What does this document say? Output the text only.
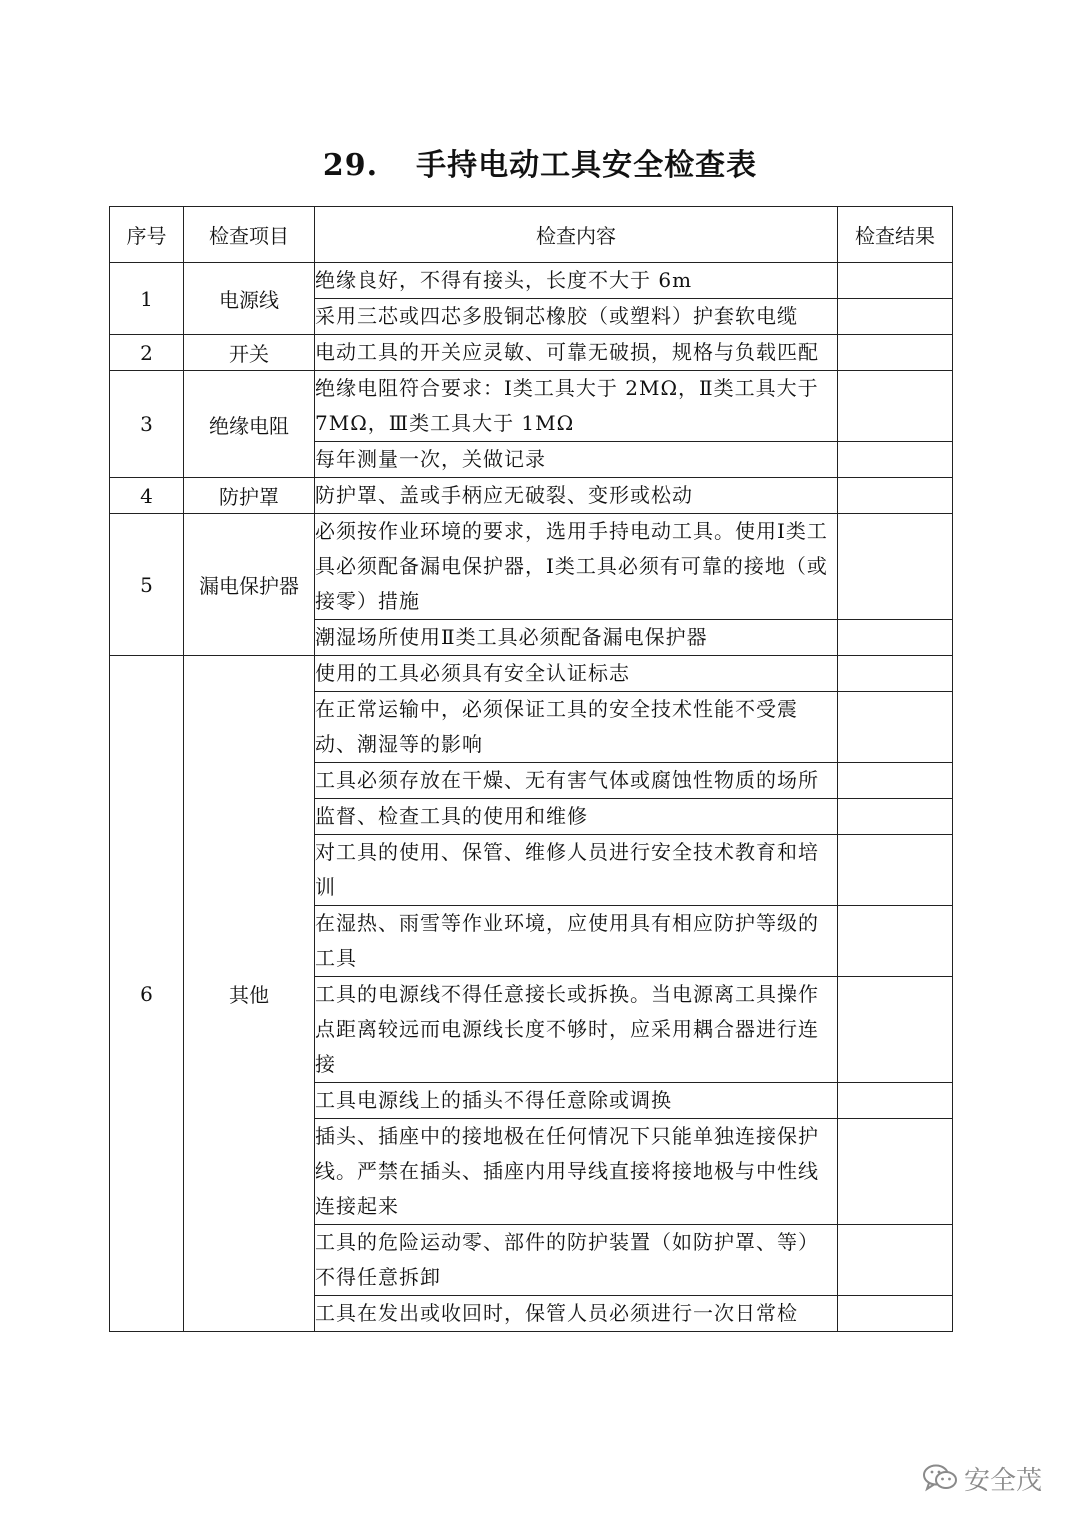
29. 手持电动工具安全检查表
序号	检查项目	检查内容	检查结果
1	电源线	绝缘良好，不得有接头，长度不大于 6m	
		采用三芯或四芯多股铜芯橡胶（或塑料）护套软电缆	
2	开关	电动工具的开关应灵敏、可靠无破损，规格与负载匹配	
3	绝缘电阻	绝缘电阻符合要求：Ⅰ类工具大于 2MΩ，Ⅱ类工具大于 7MΩ，Ⅲ类工具大于 1MΩ	
		每年测量一次，关做记录	
4	防护罩	防护罩、盖或手柄应无破裂、变形或松动	
5	漏电保护器	必须按作业环境的要求，选用手持电动工具。使用Ⅰ类工具必须配备漏电保护器，Ⅰ类工具必须有可靠的接地（或接零）措施	
		潮湿场所使用Ⅱ类工具必须配备漏电保护器	
6	其他	使用的工具必须具有安全认证标志	
		在正常运输中，必须保证工具的安全技术性能不受震动、潮湿等的影响	
		工具必须存放在干燥、无有害气体或腐蚀性物质的场所	
		监督、检查工具的使用和维修	
		对工具的使用、保管、维修人员进行安全技术教育和培训	
		在湿热、雨雪等作业环境，应使用具有相应防护等级的工具	
		工具的电源线不得任意接长或拆换。当电源离工具操作点距离较远而电源线长度不够时，应采用耦合器进行连接	
		工具电源线上的插头不得任意除或调换	
		插头、插座中的接地极在任何情况下只能单独连接保护线。严禁在插头、插座内用导线直接将接地极与中性线连接起来	
		工具的危险运动零、部件的防护装置（如防护罩、等）不得任意拆卸	
		工具在发出或收回时，保管人员必须进行一次日常检	
安全茂
